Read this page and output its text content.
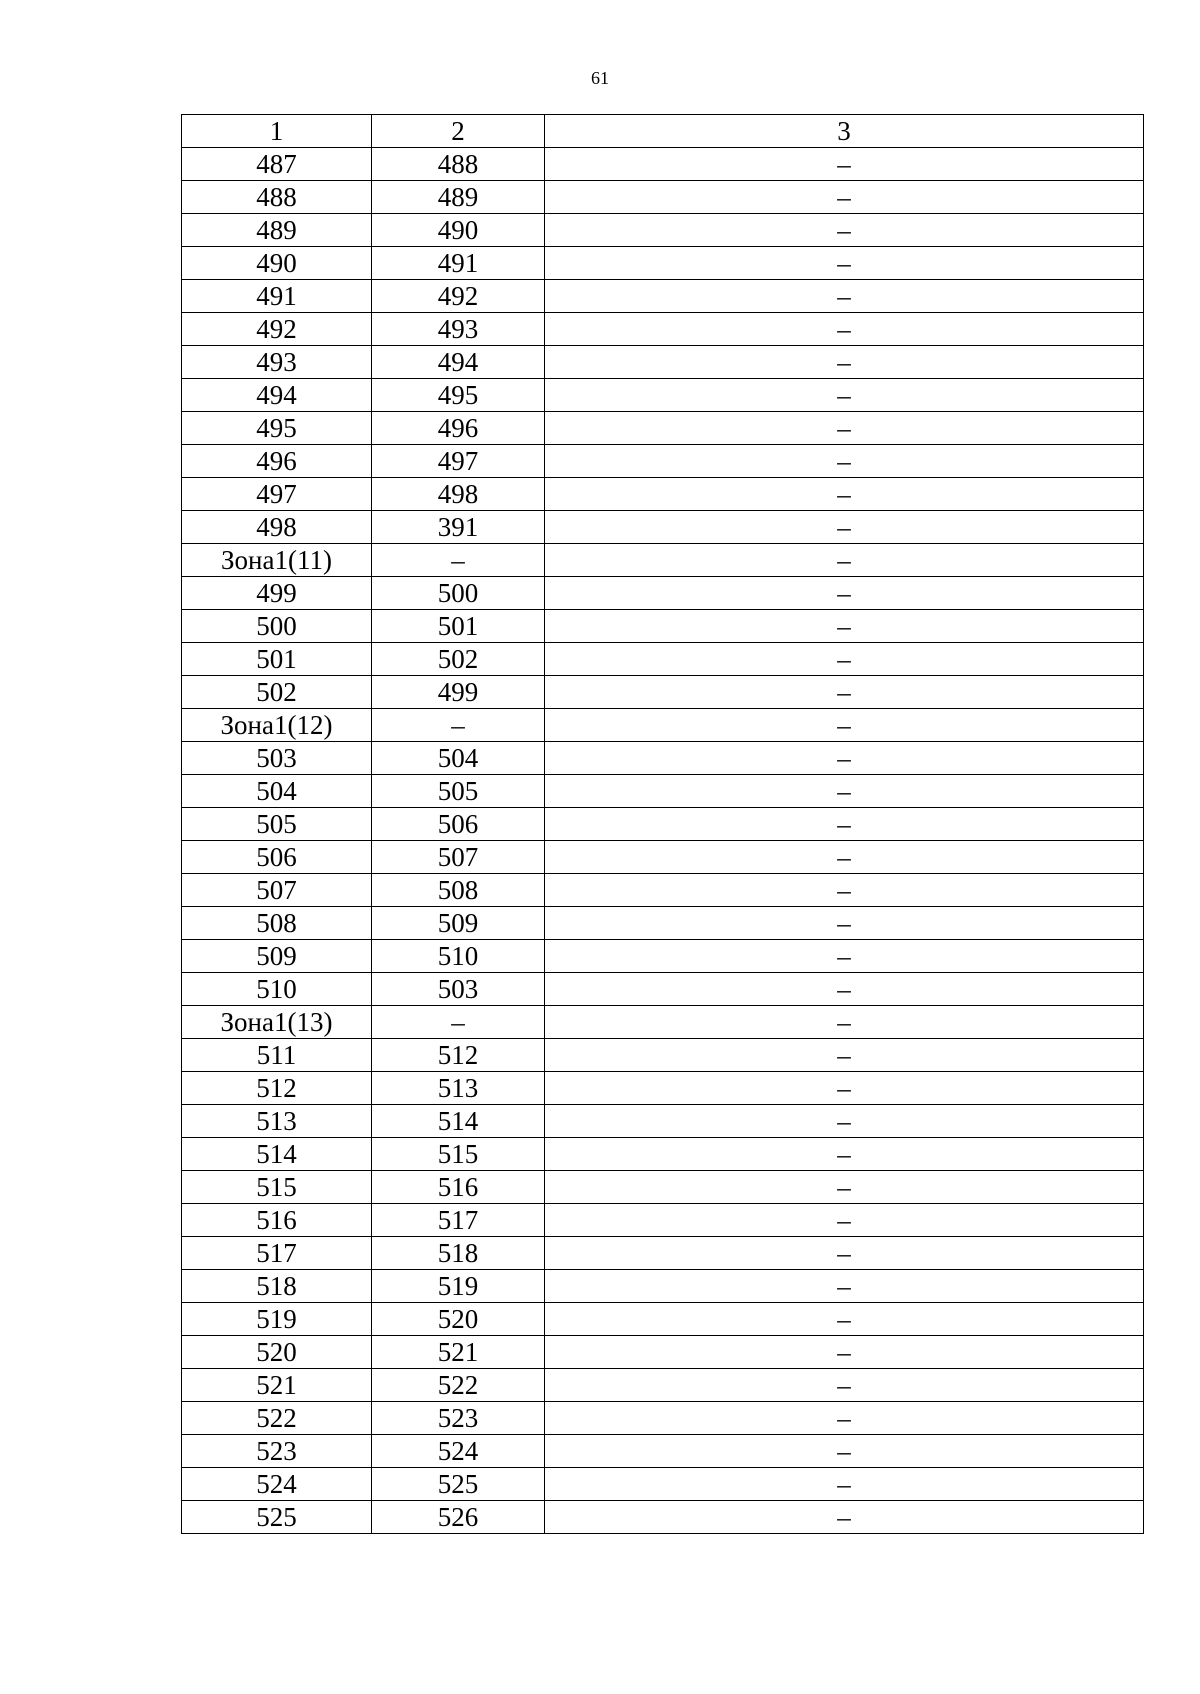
61
1	2	3
487	488	–
488	489	–
489	490	–
490	491	–
491	492	–
492	493	–
493	494	–
494	495	–
495	496	–
496	497	–
497	498	–
498	391	–
Зона1(11)	–	–
499	500	–
500	501	–
501	502	–
502	499	–
Зона1(12)	–	–
503	504	–
504	505	–
505	506	–
506	507	–
507	508	–
508	509	–
509	510	–
510	503	–
Зона1(13)	–	–
511	512	–
512	513	–
513	514	–
514	515	–
515	516	–
516	517	–
517	518	–
518	519	–
519	520	–
520	521	–
521	522	–
522	523	–
523	524	–
524	525	–
525	526	–
